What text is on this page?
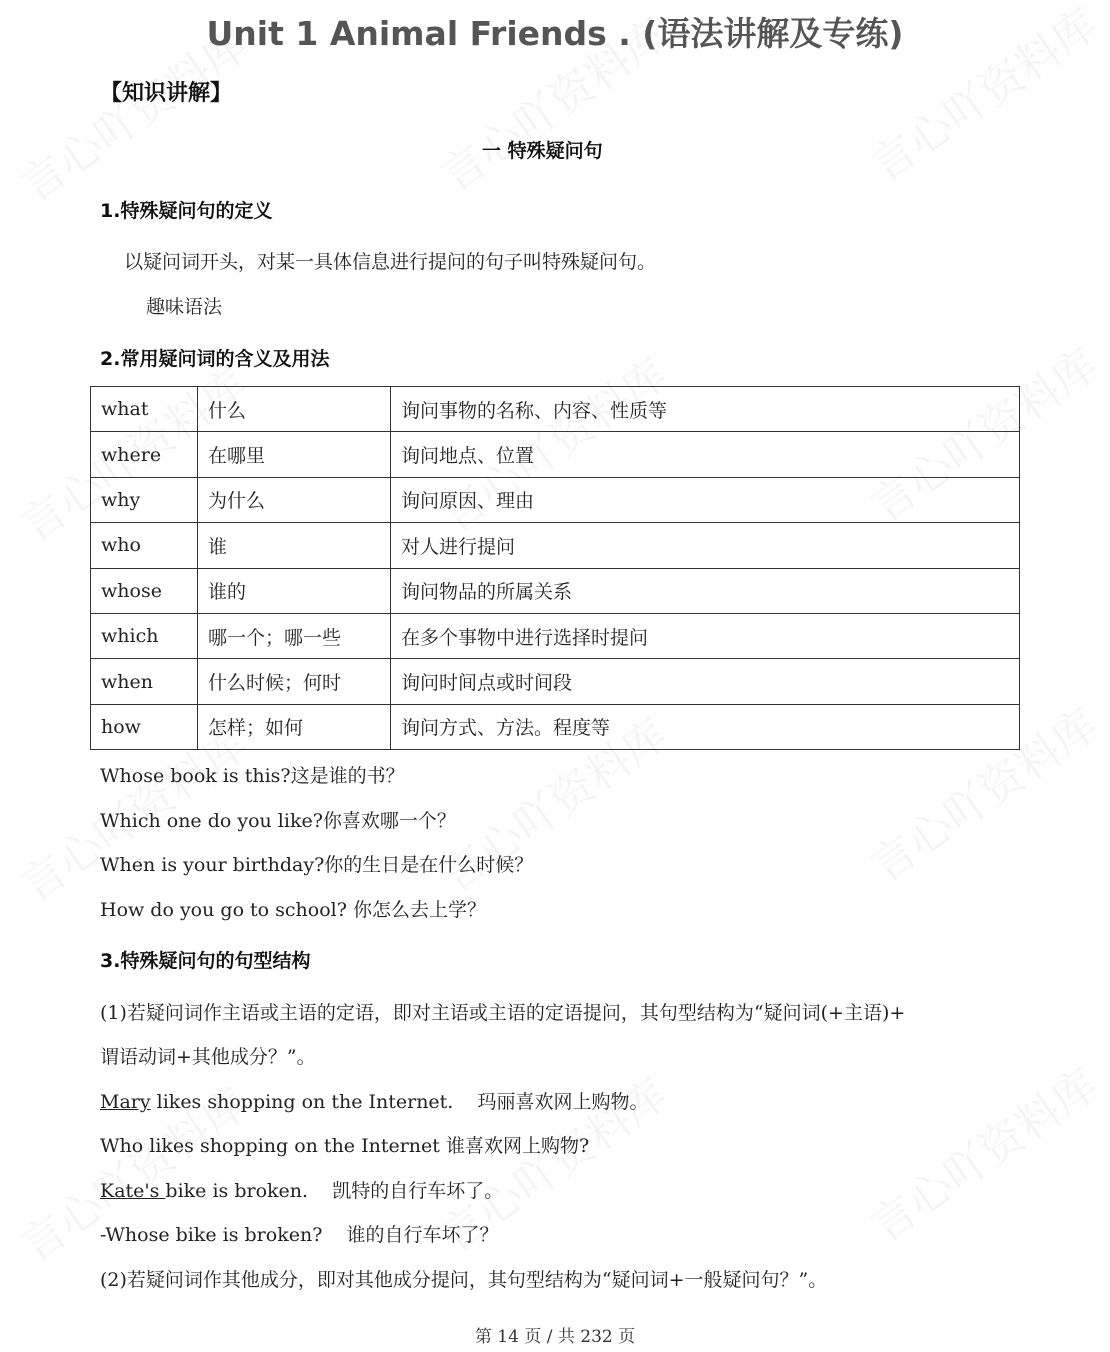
Unit 1 Animal Friends . (语法讲解及专练)
【知识讲解】
一 特殊疑问句
1.特殊疑问句的定义
以疑问词开头，对某一具体信息进行提问的句子叫特殊疑问句。
趣味语法
2.常用疑问词的含义及用法
what	什么	询问事物的名称、内容、性质等
where	在哪里	询问地点、位置
why	为什么	询问原因、理由
who	谁	对人进行提问
whose	谁的	询问物品的所属关系
which	哪一个；哪一些	在多个事物中进行选择时提问
when	什么时候；何时	询问时间点或时间段
how	怎样；如何	询问方式、方法。程度等
Whose book is this?这是谁的书？
Which one do you like?你喜欢哪一个？
When is your birthday?你的生日是在什么时候？
How do you go to school? 你怎么去上学？
3.特殊疑问句的句型结构
(1)若疑问词作主语或主语的定语，即对主语或主语的定语提问，其句型结构为“疑问词(+主语)+
谓语动词+其他成分？”。
Mary likes shopping on the Internet.    玛丽喜欢网上购物。
Who likes shopping on the Internet 谁喜欢网上购物?
Kate's bike is broken.    凯特的自行车坏了。
-Whose bike is broken?    谁的自行车坏了？
(2)若疑问词作其他成分，即对其他成分提问，其句型结构为“疑问词+一般疑问句？”。
第 14 页 / 共 232 页
